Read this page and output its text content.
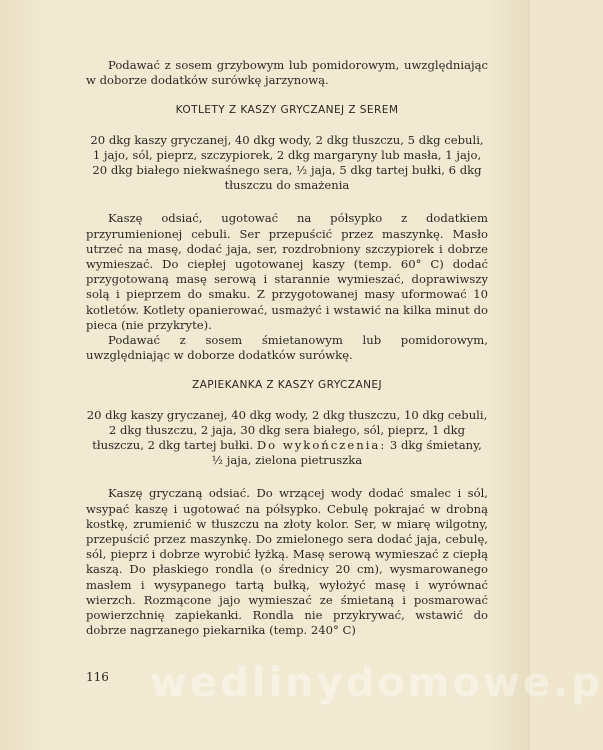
Podawać z sosem grzybowym lub pomidorowym, uwzględniając w doborze dodatków surówkę jarzynową.

KOTLETY Z KASZY GRYCZANEJ Z SEREM

20 dkg kaszy gryczanej, 40 dkg wody, 2 dkg tłuszczu, 5 dkg cebuli, 1 jajo, sól, pieprz, szczypiorek, 2 dkg margaryny lub masła, 1 jajo, 20 dkg białego niekwaśnego sera, ½ jaja, 5 dkg tartej bułki, 6 dkg tłuszczu do smażenia

Kaszę odsiać, ugotować na półsypko z dodatkiem przyrumienionej cebuli. Ser przepuścić przez maszynkę. Masło utrzeć na masę, dodać jaja, ser, rozdrobniony szczypiorek i dobrze wymieszać. Do ciepłej ugotowanej kaszy (temp. 60° C) dodać przygotowaną masę serową i starannie wymieszać, doprawiwszy solą i pieprzem do smaku. Z przygotowanej masy uformować 10 kotletów. Kotlety opanierować, usmażyć i wstawić na kilka minut do pieca (nie przykryte).

Podawać z sosem śmietanowym lub pomidorowym, uwzględniając w doborze dodatków surówkę.

ZAPIEKANKA Z KASZY GRYCZANEJ

20 dkg kaszy gryczanej, 40 dkg wody, 2 dkg tłuszczu, 10 dkg cebuli, 2 dkg tłuszczu, 2 jaja, 30 dkg sera białego, sól, pieprz, 1 dkg tłuszczu, 2 dkg tartej bułki. Do wykończenia: 3 dkg śmietany, ½ jaja, zielona pietruszka

Kaszę gryczaną odsiać. Do wrzącej wody dodać smalec i sól, wsypać kaszę i ugotować na półsypko. Cebulę pokrajać w drobną kostkę, zrumienić w tłuszczu na złoty kolor. Ser, w miarę wilgotny, przepuścić przez maszynkę. Do zmielonego sera dodać jaja, cebulę, sól, pieprz i dobrze wyrobić łyżką. Masę serową wymieszać z ciepłą kaszą. Do płaskiego rondla (o średnicy 20 cm), wysmarowanego masłem i wysypanego tartą bułką, wyłożyć masę i wyrównać wierzch. Rozmącone jajo wymieszać ze śmietaną i posmarować powierzchnię zapiekanki. Rondla nie przykrywać, wstawić do dobrze nagrzanego piekarnika (temp. 240° C)

116 wedlinydomowe.p
